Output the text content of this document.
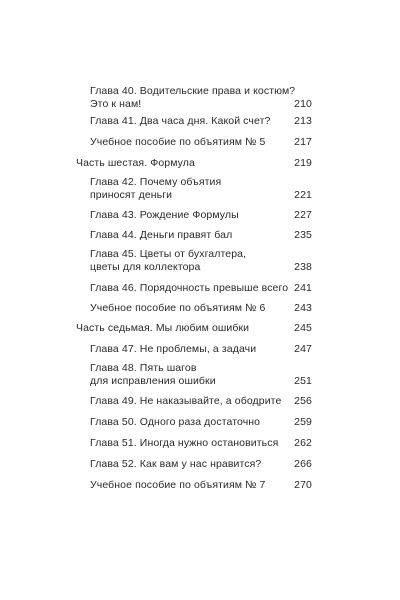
Глава 40. Водительские права и костюм?
Это к нам!	210
Глава 41. Два часа дня. Какой счет? 213
Учебное пособие по объятиям № 5	217
Часть шестая. Формула	219
Глава 42. Почему объятия
приносят деньги	221
Глава 43. Рождение Формулы	227
Глава 44. Деньги правят бал	235
Глава 45. Цветы от бухгалтера,
цветы для коллектора	238
Глава 46. Порядочность превыше всего 241
Учебное пособие по объятиям № 6	243
Часть седьмая. Мы любим ошибки	245
Глава 47. Не проблемы, а задачи	247
Глава 48. Пять шагов
для исправления ошибки	251
Глава 49. Не наказывайте, а ободрите 256
Глава 50. Одного раза достаточно	259
Глава 51. Иногда нужно остановиться 262
Глава 52. Как вам у нас нравится?	266
Учебное пособие по объятиям № 7	270
